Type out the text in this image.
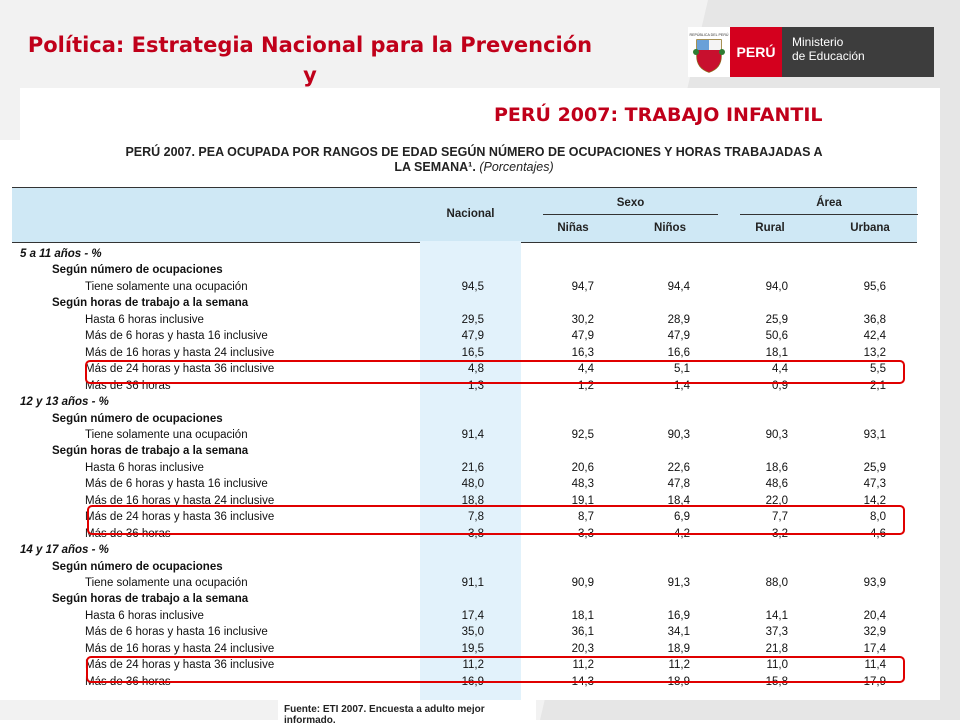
Política: Estrategia Nacional para la Prevención y
REPÚBLICA DEL PERÚ
PERÚ
Ministerio
de Educación
PERÚ 2007: TRABAJO INFANTIL
PERÚ 2007. PEA OCUPADA POR RANGOS DE EDAD SEGÚN NÚMERO DE OCUPACIONES Y HORAS TRABAJADAS A
LA SEMANA¹. (Porcentajes)
Nacional
Sexo
Niñas	Niños
Área
Rural	Urbana
5 a 11 años - %
Según número de ocupaciones
Tiene solamente una ocupación	94,5	94,7	94,4	94,0	95,6
Según horas de trabajo a la semana
Hasta 6 horas inclusive	29,5	30,2	28,9	25,9	36,8
Más de 6 horas y hasta 16 inclusive	47,9	47,9	47,9	50,6	42,4
Más de 16 horas y hasta 24 inclusive	16,5	16,3	16,6	18,1	13,2
Más de 24 horas y hasta 36 inclusive	4,8	4,4	5,1	4,4	5,5
Más de 36 horas	1,3	1,2	1,4	0,9	2,1
12 y 13 años - %
Según número de ocupaciones
Tiene solamente una ocupación	91,4	92,5	90,3	90,3	93,1
Según horas de trabajo a la semana
Hasta 6 horas inclusive	21,6	20,6	22,6	18,6	25,9
Más de 6 horas y hasta 16 inclusive	48,0	48,3	47,8	48,6	47,3
Más de 16 horas y hasta 24 inclusive	18,8	19,1	18,4	22,0	14,2
Más de 24 horas y hasta 36 inclusive	7,8	8,7	6,9	7,7	8,0
Más de 36 horas	3,8	3,3	4,2	3,2	4,6
14 y 17 años - %
Según número de ocupaciones
Tiene solamente una ocupación	91,1	90,9	91,3	88,0	93,9
Según horas de trabajo a la semana
Hasta 6 horas inclusive	17,4	18,1	16,9	14,1	20,4
Más de 6 horas y hasta 16 inclusive	35,0	36,1	34,1	37,3	32,9
Más de 16 horas y hasta 24 inclusive	19,5	20,3	18,9	21,8	17,4
Más de 24 horas y hasta 36 inclusive	11,2	11,2	11,2	11,0	11,4
Más de 36 horas	16,9	14,3	18,9	15,8	17,9
Fuente: ETI 2007. Encuesta a adulto mejor informado.
